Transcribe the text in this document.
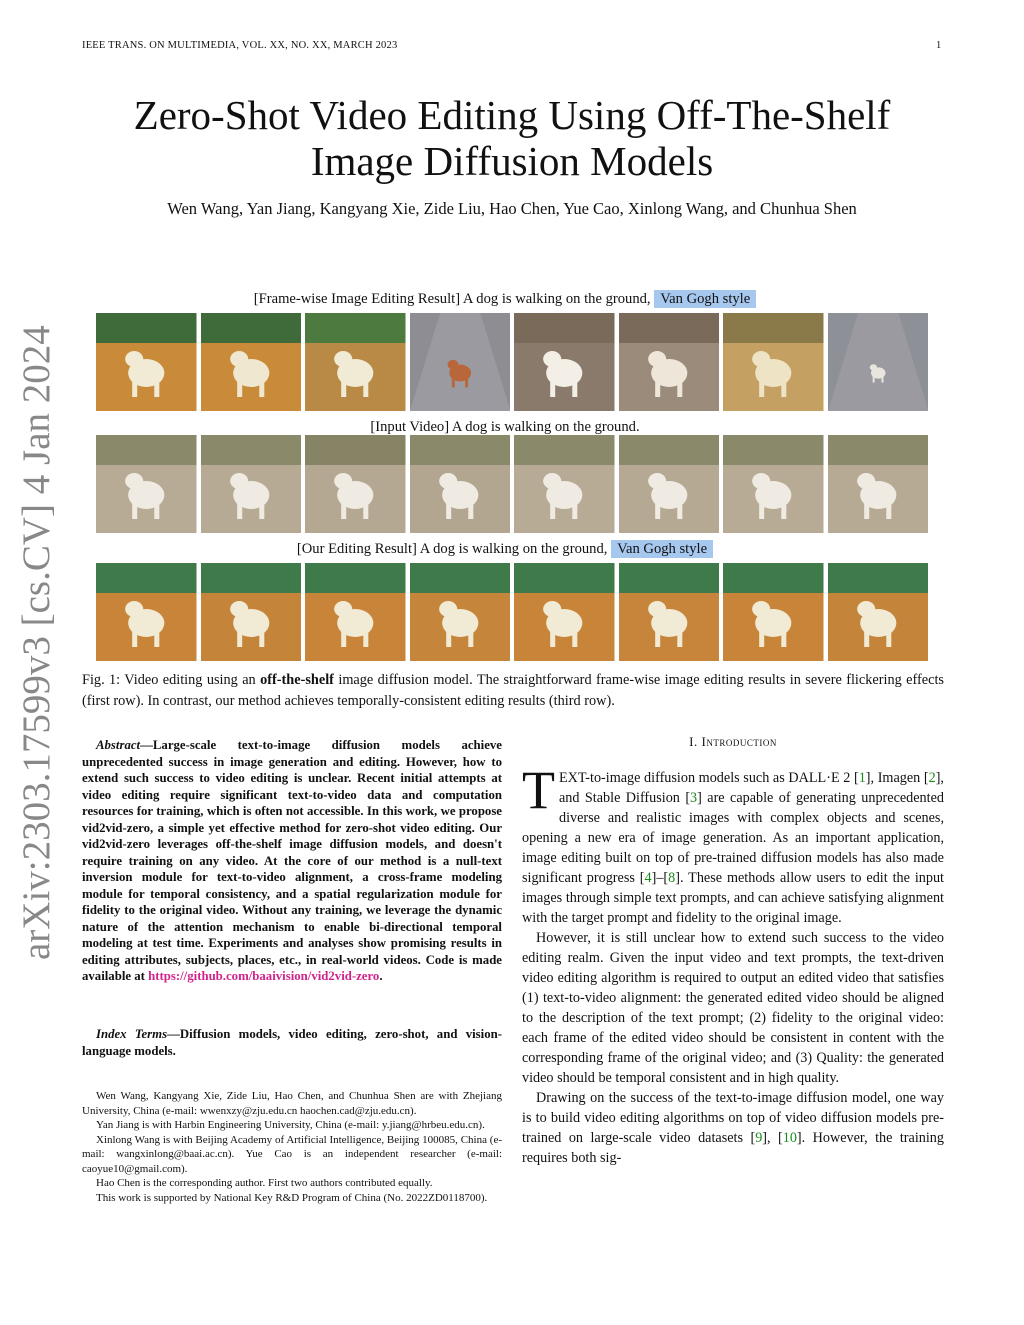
IEEE TRANS. ON MULTIMEDIA, VOL. XX, NO. XX, MARCH 2023	1
arXiv:2303.17599v3 [cs.CV] 4 Jan 2024
Zero-Shot Video Editing Using Off-The-Shelf
Image Diffusion Models
Wen Wang, Yan Jiang, Kangyang Xie, Zide Liu, Hao Chen, Yue Cao, Xinlong Wang, and Chunhua Shen
[Frame-wise Image Editing Result] A dog is walking on the ground, Van Gogh style
[Input Video] A dog is walking on the ground.
[Our Editing Result] A dog is walking on the ground, Van Gogh style
Fig. 1: Video editing using an off-the-shelf image diffusion model. The straightforward frame-wise image editing results in severe flickering effects (first row). In contrast, our method achieves temporally-consistent editing results (third row).
Abstract—Large-scale text-to-image diffusion models achieve unprecedented success in image generation and editing. However, how to extend such success to video editing is unclear. Recent initial attempts at video editing require significant text-to-video data and computation resources for training, which is often not accessible. In this work, we propose vid2vid-zero, a simple yet effective method for zero-shot video editing. Our vid2vid-zero leverages off-the-shelf image diffusion models, and doesn't require training on any video. At the core of our method is a null-text inversion module for text-to-video alignment, a cross-frame modeling module for temporal consistency, and a spatial regularization module for fidelity to the original video. Without any training, we leverage the dynamic nature of the attention mechanism to enable bi-directional temporal modeling at test time. Experiments and analyses show promising results in editing attributes, subjects, places, etc., in real-world videos. Code is made available at https://github.com/baaivision/vid2vid-zero.
Index Terms—Diffusion models, video editing, zero-shot, and vision-language models.

Wen Wang, Kangyang Xie, Zide Liu, Hao Chen, and Chunhua Shen are with Zhejiang University, China (e-mail: wwenxzy@zju.edu.cn haochen.cad@zju.edu.cn).

Yan Jiang is with Harbin Engineering University, China (e-mail: y.jiang@hrbeu.edu.cn).

Xinlong Wang is with Beijing Academy of Artificial Intelligence, Beijing 100085, China (e-mail: wangxinlong@baai.ac.cn). Yue Cao is an independent researcher (e-mail: caoyue10@gmail.com).

Hao Chen is the corresponding author. First two authors contributed equally.

This work is supported by National Key R&D Program of China (No. 2022ZD0118700).

I. Introduction

TEXT-to-image diffusion models such as DALL·E 2 [1], Imagen [2], and Stable Diffusion [3] are capable of generating unprecedented diverse and realistic images with complex objects and scenes, opening a new era of image generation. As an important application, image editing built on top of pre-trained diffusion models has also made significant progress [4]–[8]. These methods allow users to edit the input images through simple text prompts, and can achieve satisfying alignment with the target prompt and fidelity to the original image.

However, it is still unclear how to extend such success to the video editing realm. Given the input video and text prompts, the text-driven video editing algorithm is required to output an edited video that satisfies (1) text-to-video alignment: the generated edited video should be aligned to the description of the text prompt; (2) fidelity to the original video: each frame of the edited video should be consistent in content with the corresponding frame of the original video; and (3) Quality: the generated video should be temporal consistent and in high quality.

Drawing on the success of the text-to-image diffusion model, one way is to build video editing algorithms on top of video diffusion models pre-trained on large-scale video datasets [9], [10]. However, the training requires both sig-
